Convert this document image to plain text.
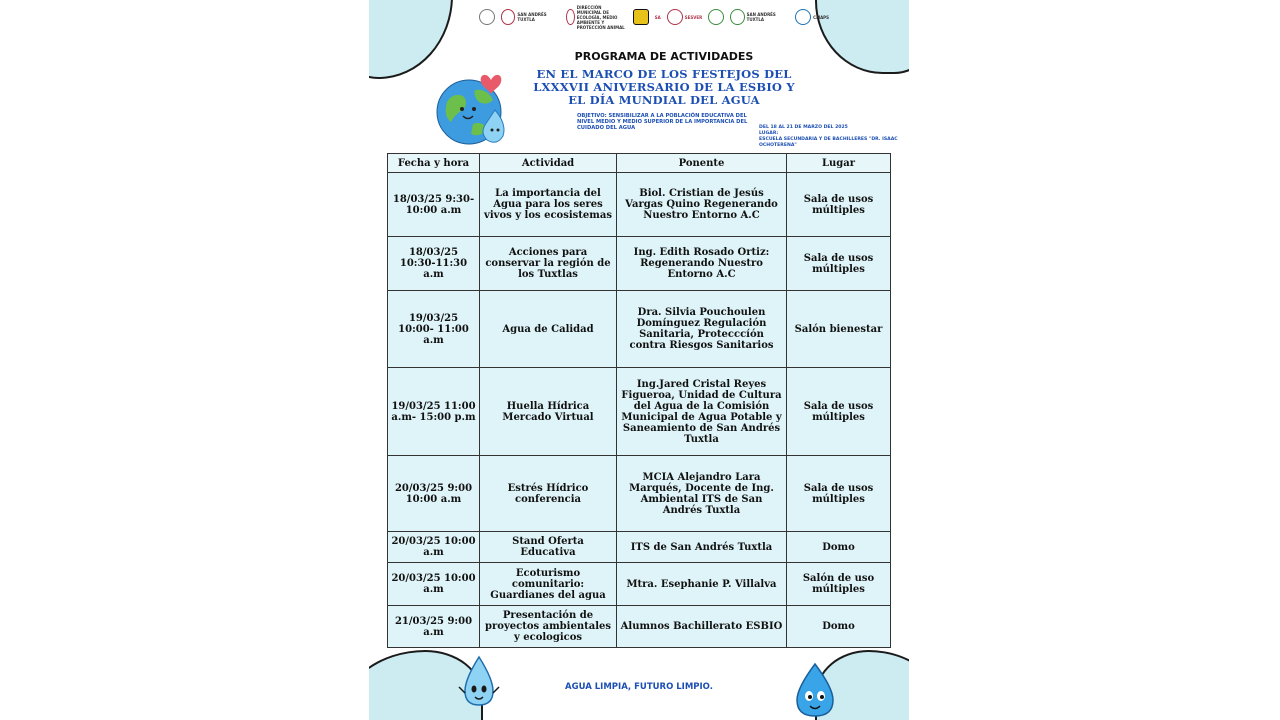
SAN ANDRÉS TUXTLA
DIRECCIÓN MUNICIPAL DE ECOLOGÍA, MEDIO AMBIENTE Y PROTECCIÓN ANIMAL
SA	SESVER	SAN ANDRÉS TUXTLA	CMAPS
PROGRAMA DE ACTIVIDADES
EN EL MARCO DE LOS FESTEJOS DEL LXXXVII ANIVERSARIO DE LA ESBIO Y EL DÍA MUNDIAL DEL AGUA
OBJETIVO: SENSIBILIZAR A LA POBLACIÓN EDUCATIVA DEL NIVEL MEDIO Y MEDIO SUPERIOR DE LA IMPORTANCIA DEL CUIDADO DEL AGUA	DEL 18 AL 21 DE MARZO DEL 2025
LUGAR:
ESCUELA SECUNDARIA Y DE BACHILLERES "DR. ISAAC OCHOTERENA"
Fecha y hora	Actividad	Ponente	Lugar
18/03/25 9:30-10:00 a.m	La importancia del Agua para los seres vivos y los ecosistemas	Biol. Cristian de Jesús Vargas Quino Regenerando Nuestro Entorno A.C	Sala de usos múltiples
18/03/25 10:30-11:30 a.m	Acciones para conservar la región de los Tuxtlas	Ing. Edith Rosado Ortiz: Regenerando Nuestro Entorno A.C	Sala de usos múltiples
19/03/25 10:00- 11:00 a.m	Agua de Calidad	Dra. Silvia Pouchoulen Domínguez Regulación Sanitaria, Protecccíón contra Riesgos Sanitarios	Salón bienestar
19/03/25 11:00 a.m- 15:00 p.m	Huella Hídrica Mercado Virtual	Ing.Jared Cristal Reyes Figueroa, Unidad de Cultura del Agua de la Comisión Municipal de Agua Potable y Saneamiento de San Andrés Tuxtla	Sala de usos múltiples
20/03/25 9:00 10:00 a.m	Estrés Hídrico conferencia	MCIA Alejandro Lara Marqués, Docente de Ing. Ambiental ITS de San Andrés Tuxtla	Sala de usos múltiples
20/03/25 10:00 a.m	Stand Oferta Educativa	ITS de San Andrés Tuxtla	Domo
20/03/25 10:00 a.m	Ecoturismo comunitario: Guardianes del agua	Mtra. Esephanie P. Villalva	Salón de uso múltiples
21/03/25 9:00 a.m	Presentación de proyectos ambientales y ecologicos	Alumnos Bachillerato ESBIO	Domo
AGUA LIMPIA, FUTURO LIMPIO.
